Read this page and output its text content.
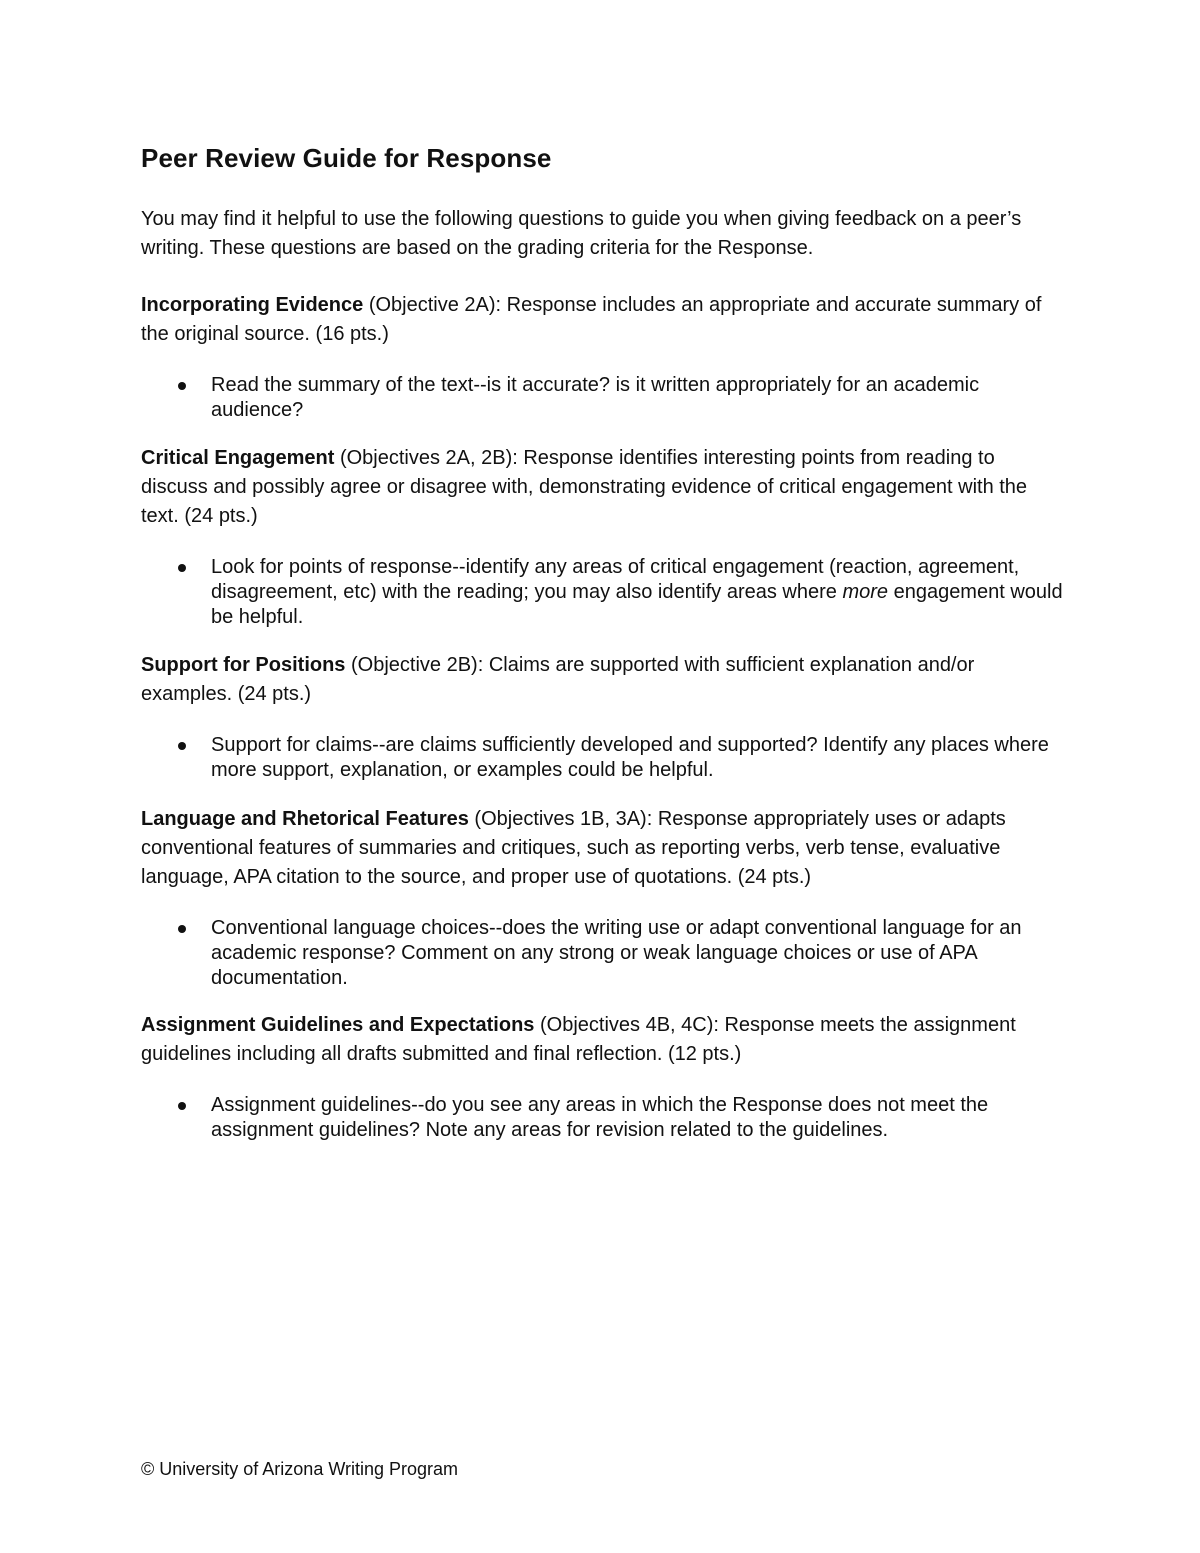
Peer Review Guide for Response

You may find it helpful to use the following questions to guide you when giving feedback on a peer’s writing. These questions are based on the grading criteria for the Response.

Incorporating Evidence (Objective 2A): Response includes an appropriate and accurate summary of the original source. (16 pts.)

Read the summary of the text--is it accurate? is it written appropriately for an academic audience?

Critical Engagement (Objectives 2A, 2B): Response identifies interesting points from reading to discuss and possibly agree or disagree with, demonstrating evidence of critical engagement with the text. (24 pts.)

Look for points of response--identify any areas of critical engagement (reaction, agreement, disagreement, etc) with the reading; you may also identify areas where more engagement would be helpful.

Support for Positions (Objective 2B): Claims are supported with sufficient explanation and/or examples. (24 pts.)

Support for claims--are claims sufficiently developed and supported? Identify any places where more support, explanation, or examples could be helpful.

Language and Rhetorical Features (Objectives 1B, 3A): Response appropriately uses or adapts conventional features of summaries and critiques, such as reporting verbs, verb tense, evaluative language, APA citation to the source, and proper use of quotations. (24 pts.)

Conventional language choices--does the writing use or adapt conventional language for an academic response? Comment on any strong or weak language choices or use of APA documentation.

Assignment Guidelines and Expectations (Objectives 4B, 4C): Response meets the assignment guidelines including all drafts submitted and final reflection. (12 pts.)

Assignment guidelines--do you see any areas in which the Response does not meet the assignment guidelines? Note any areas for revision related to the guidelines.

© University of Arizona Writing Program
